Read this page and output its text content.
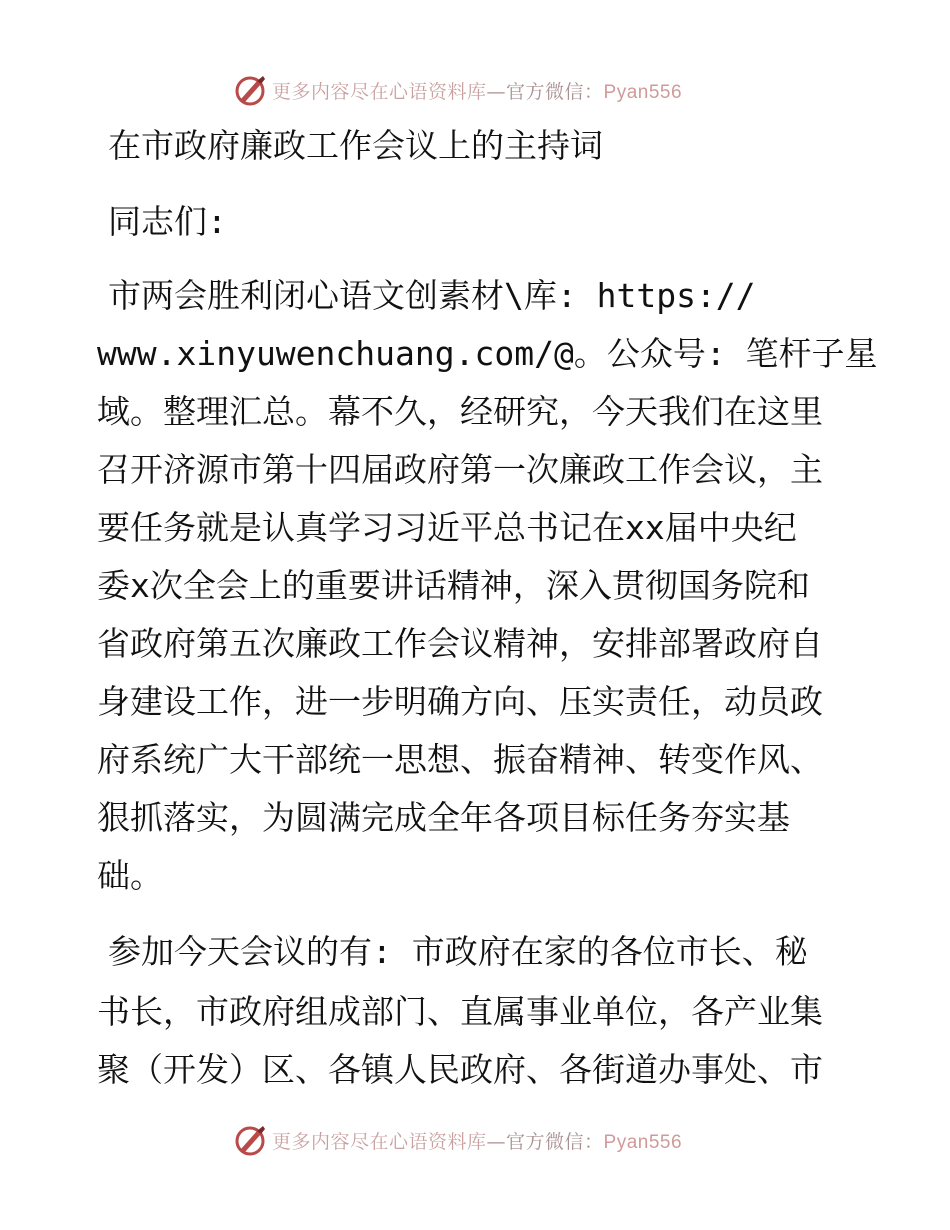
更多内容尽在心语资料库—官方微信：Pyan556
在市政府廉政工作会议上的主持词
同志们:
市两会胜利闭心语文创素材\库: https://
www.xinyuwenchuang.com/@。公众号: 笔杆子星
域。整理汇总。幕不久，经研究，今天我们在这里
召开济源市第十四届政府第一次廉政工作会议，主
要任务就是认真学习习近平总书记在xx届中央纪
委x次全会上的重要讲话精神，深入贯彻国务院和
省政府第五次廉政工作会议精神，安排部署政府自
身建设工作，进一步明确方向、压实责任，动员政
府系统广大干部统一思想、振奋精神、转变作风、
狠抓落实，为圆满完成全年各项目标任务夯实基
础。
参加今天会议的有: 市政府在家的各位市长、秘
书长，市政府组成部门、直属事业单位，各产业集
聚（开发）区、各镇人民政府、各街道办事处、市
更多内容尽在心语资料库—官方微信：Pyan556
